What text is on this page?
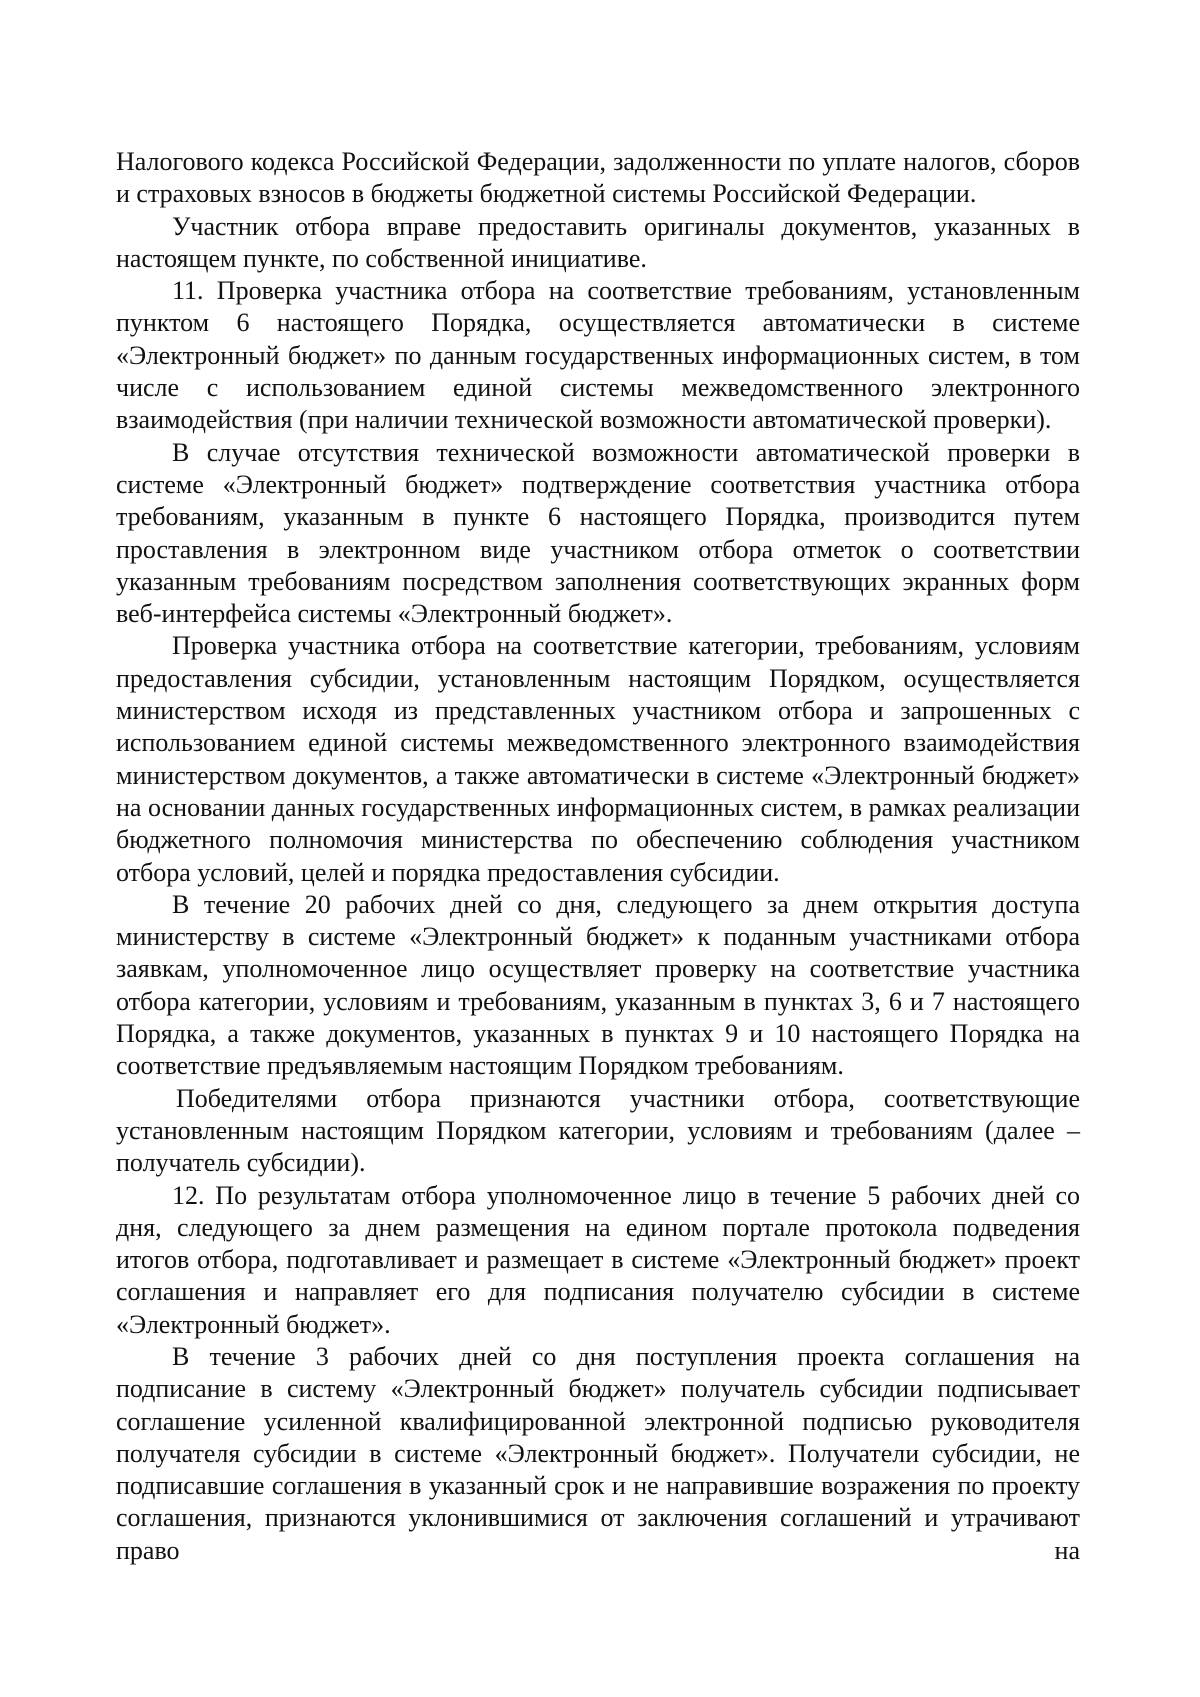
Налогового кодекса Российской Федерации, задолженности по уплате налогов, сборов и страховых взносов в бюджеты бюджетной системы Российской Федерации.

Участник отбора вправе предоставить оригиналы документов, указанных в настоящем пункте, по собственной инициативе.

11. Проверка участника отбора на соответствие требованиям, установленным пунктом 6 настоящего Порядка, осуществляется автоматически в системе «Электронный бюджет» по данным государственных информационных систем, в том числе с использованием единой системы межведомственного электронного взаимодействия (при наличии технической возможности автоматической проверки).

В случае отсутствия технической возможности автоматической проверки в системе «Электронный бюджет» подтверждение соответствия участника отбора требованиям, указанным в пункте 6 настоящего Порядка, производится путем проставления в электронном виде участником отбора отметок о соответствии указанным требованиям посредством заполнения соответствующих экранных форм веб-интерфейса системы «Электронный бюджет».

Проверка участника отбора на соответствие категории, требованиям, условиям предоставления субсидии, установленным настоящим Порядком, осуществляется министерством исходя из представленных участником отбора и запрошенных с использованием единой системы межведомственного электронного взаимодействия министерством документов, а также автоматически в системе «Электронный бюджет» на основании данных государственных информационных систем, в рамках реализации бюджетного полномочия министерства по обеспечению соблюдения участником отбора условий, целей и порядка предоставления субсидии.

В течение 20 рабочих дней со дня, следующего за днем открытия доступа министерству в системе «Электронный бюджет» к поданным участниками отбора заявкам, уполномоченное лицо осуществляет проверку на соответствие участника отбора категории, условиям и требованиям, указанным в пунктах 3, 6 и 7 настоящего Порядка, а также документов, указанных в пунктах 9 и 10 настоящего Порядка на соответствие предъявляемым настоящим Порядком требованиям.

Победителями отбора признаются участники отбора, соответствующие установленным настоящим Порядком категории, условиям и требованиям (далее – получатель субсидии).

12. По результатам отбора уполномоченное лицо в течение 5 рабочих дней со дня, следующего за днем размещения на едином портале протокола подведения итогов отбора, подготавливает и размещает в системе «Электронный бюджет» проект соглашения и направляет его для подписания получателю субсидии в системе «Электронный бюджет».

В течение 3 рабочих дней со дня поступления проекта соглашения на подписание в систему «Электронный бюджет» получатель субсидии подписывает соглашение усиленной квалифицированной электронной подписью руководителя получателя субсидии в системе «Электронный бюджет». Получатели субсидии, не подписавшие соглашения в указанный срок и не направившие возражения по проекту соглашения, признаются уклонившимися от заключения соглашений и утрачивают право на
